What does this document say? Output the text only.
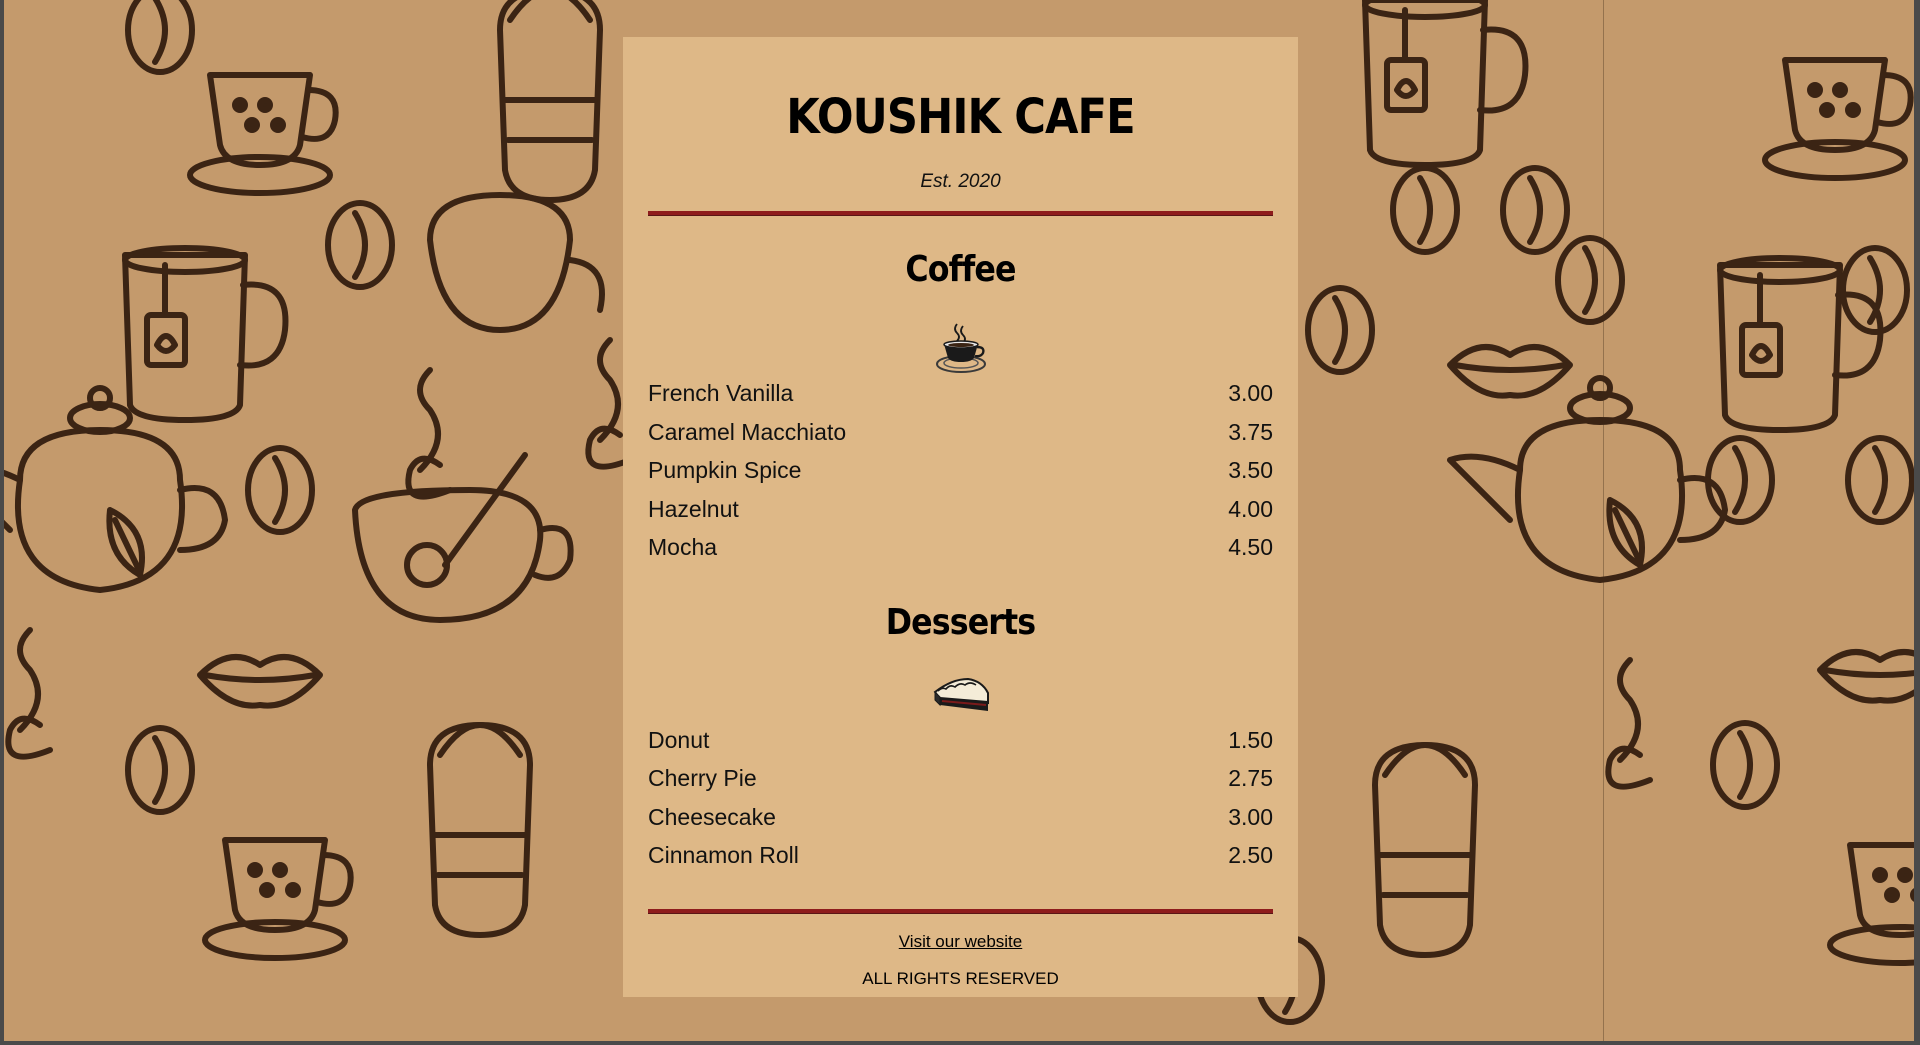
KOUSHIK CAFE
Est. 2020
Coffee
French Vanilla	3.00
Caramel Macchiato	3.75
Pumpkin Spice	3.50
Hazelnut	4.00
Mocha	4.50
Desserts
Donut	1.50
Cherry Pie	2.75
Cheesecake	3.00
Cinnamon Roll	2.50
Visit our website
ALL RIGHTS RESERVED
